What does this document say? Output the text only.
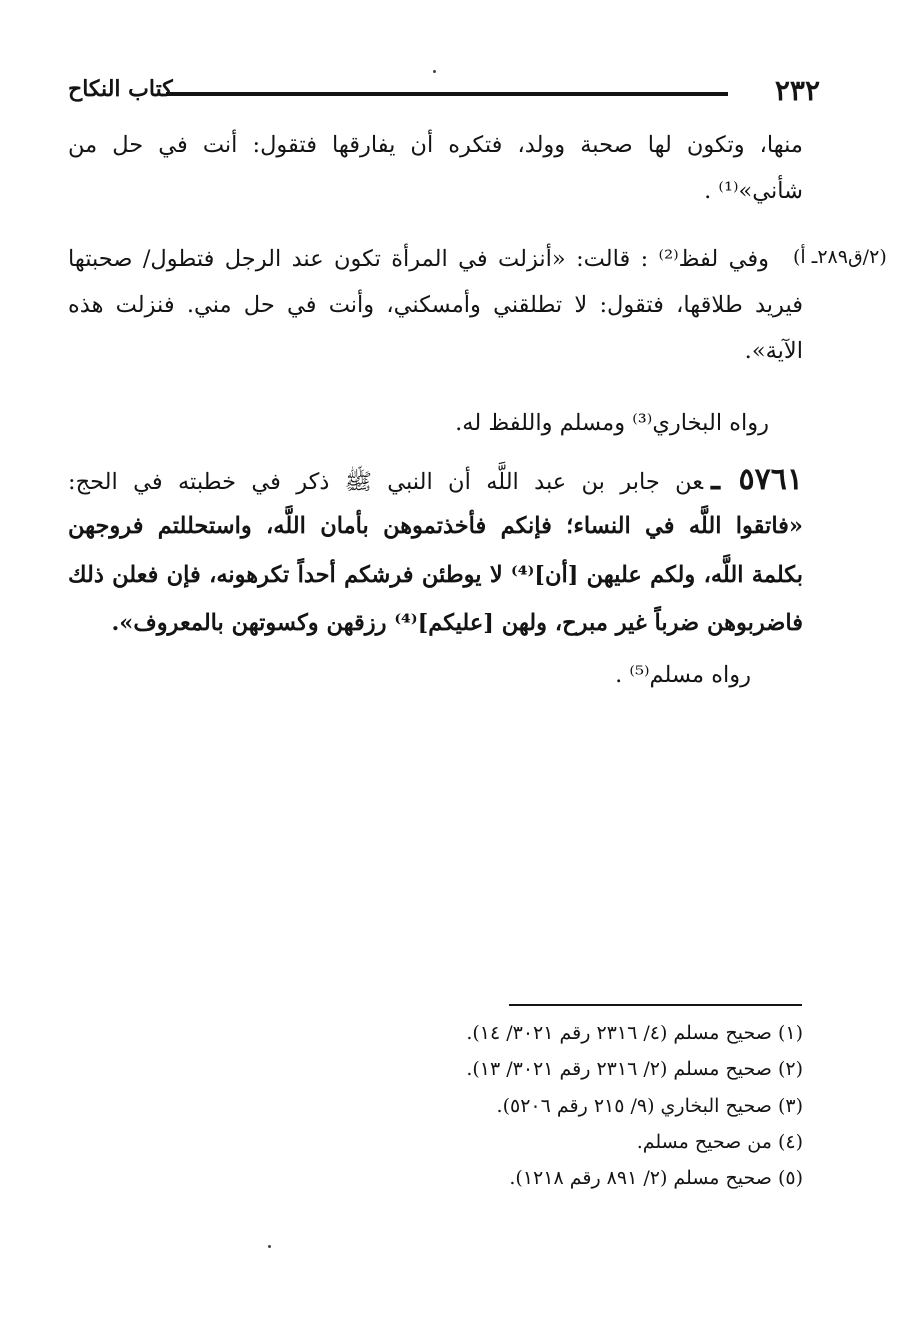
٢٣٢
كتاب النكاح
(٢/ق٢٨٩ـ أ)
منها، وتكون لها صحبة وولد، فتكره أن يفارقها فتقول: أنت في حل من
شأني»⁽¹⁾ .
وفي لفظ⁽²⁾ : قالت: «أنزلت في المرأة تكون عند الرجل فتطول/ صحبتها
فيريد طلاقها، فتقول: لا تطلقني وأمسكني، وأنت في حل مني. فنزلت هذه
الآية».
رواه البخاري⁽³⁾ ومسلم واللفظ له.
٥٧٦١ ـعن جابر بن عبد اللَّه أن النبي ﷺ ذكر في خطبته في الحج:
«فاتقوا اللَّه في النساء؛ فإنكم فأخذتموهن بأمان اللَّه، واستحللتم فروجهن
بكلمة اللَّه، ولكم عليهن [أن]⁽⁴⁾ لا يوطئن فرشكم أحداً تكرهونه، فإن فعلن ذلك
فاضربوهن ضرباً غير مبرح، ولهن [عليكم]⁽⁴⁾ رزقهن وكسوتهن بالمعروف».
رواه مسلم⁽⁵⁾ .
(١) صحيح مسلم (٤/ ٢٣١٦ رقم ٣٠٢١/ ١٤).
(٢) صحيح مسلم (٢/ ٢٣١٦ رقم ٣٠٢١/ ١٣).
(٣) صحيح البخاري (٩/ ٢١٥ رقم ٥٢٠٦).
(٤) من صحيح مسلم.
(٥) صحيح مسلم (٢/ ٨٩١ رقم ١٢١٨).
